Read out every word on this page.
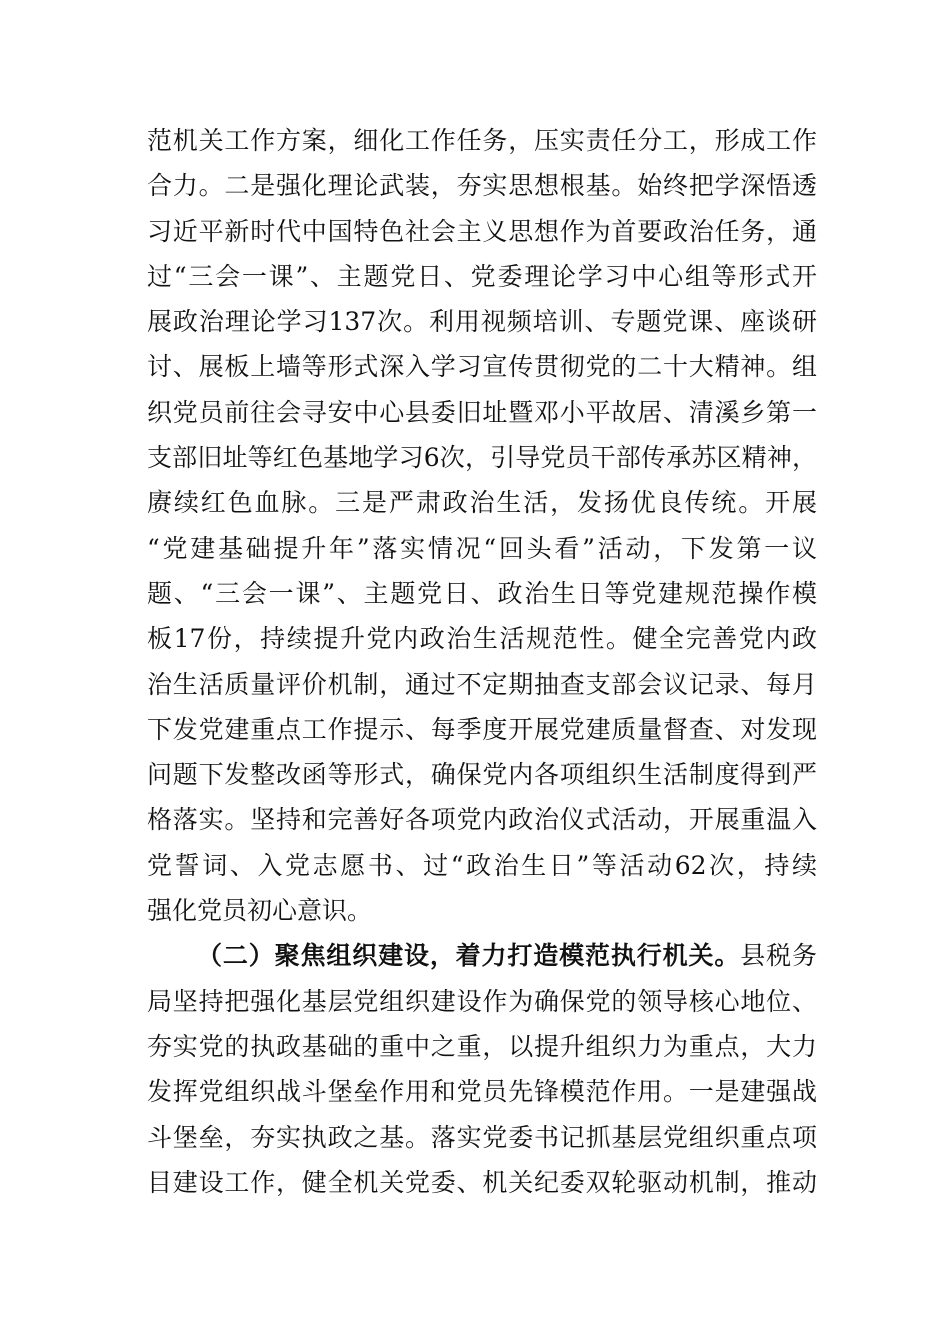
范机关工作方案，细化工作任务，压实责任分工，形成工作
合力。二是强化理论武装，夯实思想根基。始终把学深悟透
习近平新时代中国特色社会主义思想作为首要政治任务，通
过“三会一课”、主题党日、党委理论学习中心组等形式开
展政治理论学习137次。利用视频培训、专题党课、座谈研
讨、展板上墙等形式深入学习宣传贯彻党的二十大精神。组
织党员前往会寻安中心县委旧址暨邓小平故居、清溪乡第一
支部旧址等红色基地学习6次，引导党员干部传承苏区精神，
赓续红色血脉。三是严肃政治生活，发扬优良传统。开展
“党建基础提升年”落实情况“回头看”活动，下发第一议
题、“三会一课”、主题党日、政治生日等党建规范操作模
板17份，持续提升党内政治生活规范性。健全完善党内政
治生活质量评价机制，通过不定期抽查支部会议记录、每月
下发党建重点工作提示、每季度开展党建质量督查、对发现
问题下发整改函等形式，确保党内各项组织生活制度得到严
格落实。坚持和完善好各项党内政治仪式活动，开展重温入
党誓词、入党志愿书、过“政治生日”等活动62次，持续
强化党员初心意识。
（二）聚焦组织建设，着力打造模范执行机关。县税务
局坚持把强化基层党组织建设作为确保党的领导核心地位、
夯实党的执政基础的重中之重，以提升组织力为重点，大力
发挥党组织战斗堡垒作用和党员先锋模范作用。一是建强战
斗堡垒，夯实执政之基。落实党委书记抓基层党组织重点项
目建设工作，健全机关党委、机关纪委双轮驱动机制，推动
